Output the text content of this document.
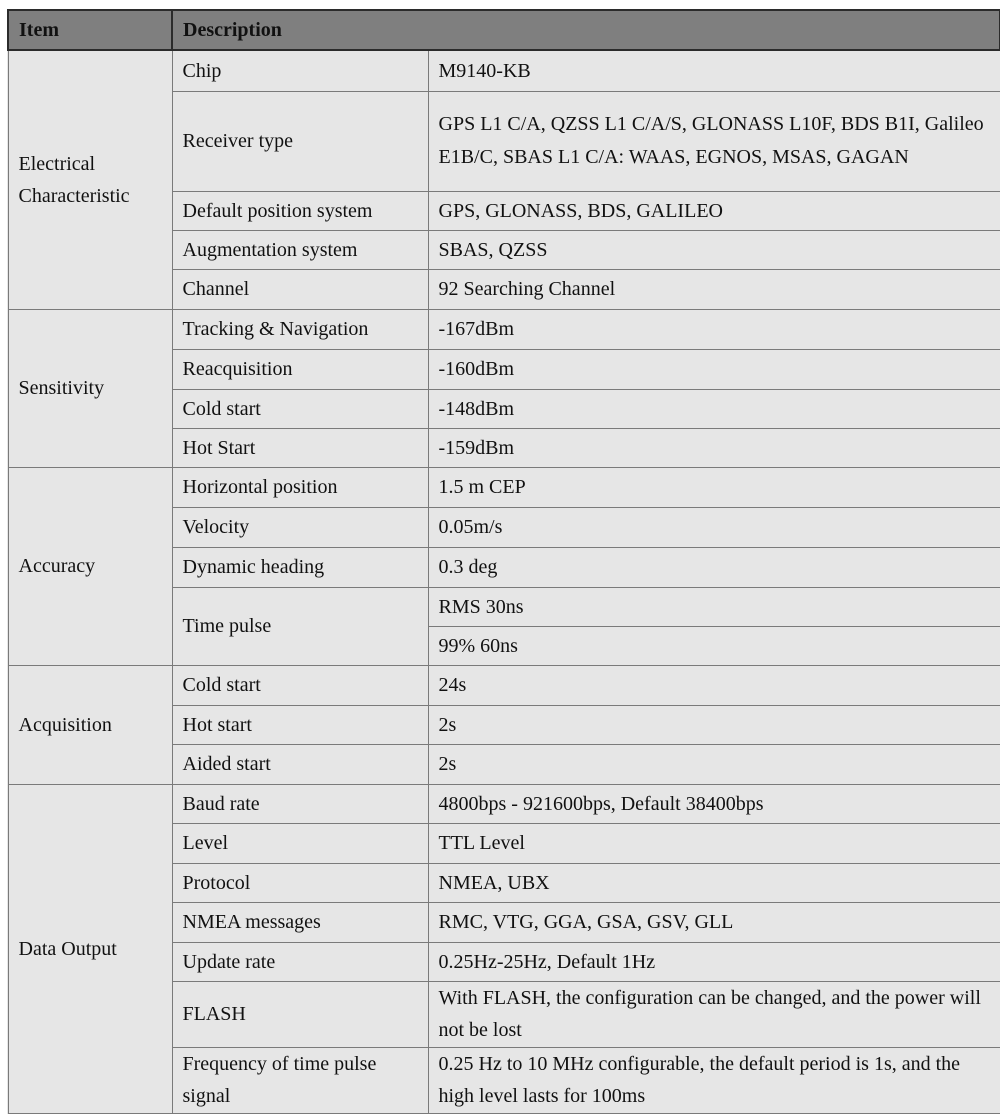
Item	Description	
Electrical Characteristic	Chip	M9140-KB
	Receiver type	GPS L1 C/A, QZSS L1 C/A/S, GLONASS L10F, BDS B1I, Galileo E1B/C, SBAS L1 C/A: WAAS, EGNOS, MSAS, GAGAN
	Default position system	GPS, GLONASS, BDS, GALILEO
	Augmentation system	SBAS, QZSS
	Channel	92 Searching Channel

Sensitivity	Tracking & Navigation	-167dBm
	Reacquisition	-160dBm
	Cold start	-148dBm
	Hot Start	-159dBm
Accuracy	Horizontal position	1.5 m CEP
	Velocity	0.05m/s
	Dynamic heading	0.3 deg
	Time pulse	RMS 30ns
		99% 60ns
Acquisition	Cold start	24s
	Hot start	2s
	Aided start	2s
Data Output	Baud rate	4800bps - 921600bps, Default 38400bps
	Level	TTL Level
	Protocol	NMEA, UBX
	NMEA messages	RMC, VTG, GGA, GSA, GSV, GLL
	Update rate	0.25Hz-25Hz, Default 1Hz
	FLASH	With FLASH, the configuration can be changed, and the power will not be lost
	Frequency of time pulse signal	0.25 Hz to 10 MHz configurable, the default period is 1s, and the high level lasts for 100ms
